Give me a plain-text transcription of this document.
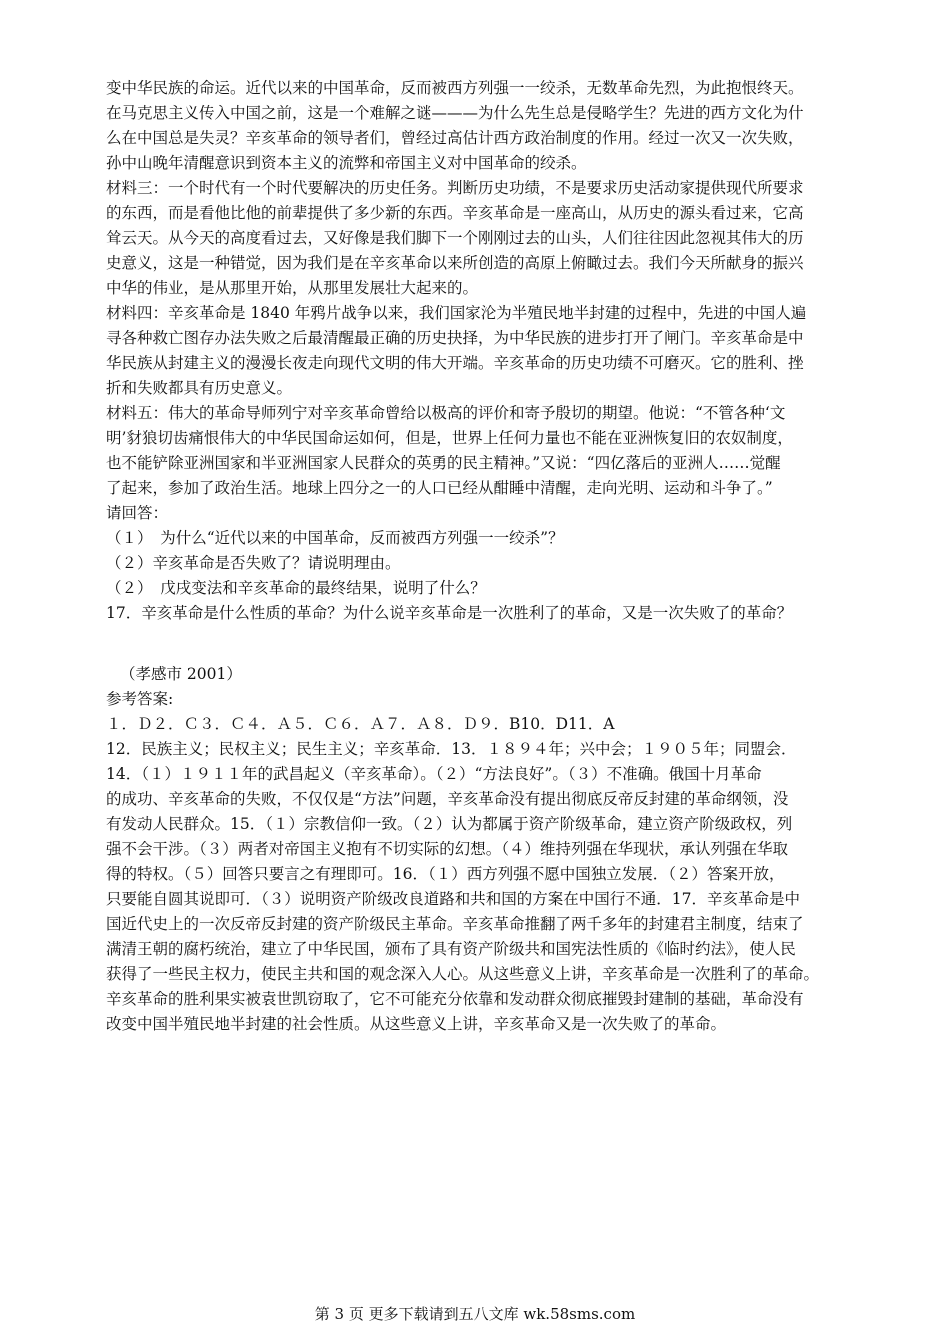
变中华民族的命运。近代以来的中国革命，反而被西方列强一一绞杀，无数革命先烈，为此抱恨终天。
在马克思主义传入中国之前，这是一个难解之谜———为什么先生总是侵略学生？先进的西方文化为什
么在中国总是失灵？辛亥革命的领导者们，曾经过高估计西方政治制度的作用。经过一次又一次失败，
孙中山晚年清醒意识到资本主义的流弊和帝国主义对中国革命的绞杀。
材料三：一个时代有一个时代要解决的历史任务。判断历史功绩，不是要求历史活动家提供现代所要求
的东西，而是看他比他的前辈提供了多少新的东西。辛亥革命是一座高山，从历史的源头看过来，它高
耸云天。从今天的高度看过去，又好像是我们脚下一个刚刚过去的山头，人们往往因此忽视其伟大的历
史意义，这是一种错觉，因为我们是在辛亥革命以来所创造的高原上俯瞰过去。我们今天所献身的振兴
中华的伟业，是从那里开始，从那里发展壮大起来的。
材料四：辛亥革命是 1840 年鸦片战争以来，我们国家沦为半殖民地半封建的过程中，先进的中国人遍
寻各种救亡图存办法失败之后最清醒最正确的历史抉择，为中华民族的进步打开了闸门。辛亥革命是中
华民族从封建主义的漫漫长夜走向现代文明的伟大开端。辛亥革命的历史功绩不可磨灭。它的胜利、挫
折和失败都具有历史意义。
材料五：伟大的革命导师列宁对辛亥革命曾给以极高的评价和寄予殷切的期望。他说：“不管各种‘文
明’豺狼切齿痛恨伟大的中华民国命运如何，但是，世界上任何力量也不能在亚洲恢复旧的农奴制度，
也不能铲除亚洲国家和半亚洲国家人民群众的英勇的民主精神。”又说：“四亿落后的亚洲人……觉醒
了起来，参加了政治生活。地球上四分之一的人口已经从酣睡中清醒，走向光明、运动和斗争了。”
请回答：
（１）　为什么“近代以来的中国革命，反而被西方列强一一绞杀”？
（２）辛亥革命是否失败了？请说明理由。
（２）　戊戌变法和辛亥革命的最终结果，说明了什么？
17．辛亥革命是什么性质的革命？为什么说辛亥革命是一次胜利了的革命，又是一次失败了的革命？
（孝感市 2001）
参考答案:
１．Ｄ２．Ｃ３．Ｃ４．Ａ５．Ｃ６．Ａ７．Ａ８．Ｄ９．B10．D11．A
12．民族主义；民权主义；民生主义；辛亥革命．13．１８９４年；兴中会；１９０５年；同盟会．
14．（１）１９１１年的武昌起义（辛亥革命）。（２）“方法良好”。（３）不准确。俄国十月革命
的成功、辛亥革命的失败，不仅仅是“方法”问题，辛亥革命没有提出彻底反帝反封建的革命纲领，没
有发动人民群众。15．（１）宗教信仰一致。（２）认为都属于资产阶级革命，建立资产阶级政权，列
强不会干涉。（３）两者对帝国主义抱有不切实际的幻想。（４）维持列强在华现状，承认列强在华取
得的特权。（５）回答只要言之有理即可。16．（１）西方列强不愿中国独立发展．（２）答案开放，
只要能自圆其说即可．（３）说明资产阶级改良道路和共和国的方案在中国行不通．17．辛亥革命是中
国近代史上的一次反帝反封建的资产阶级民主革命。辛亥革命推翻了两千多年的封建君主制度，结束了
满清王朝的腐朽统治，建立了中华民国，颁布了具有资产阶级共和国宪法性质的《临时约法》，使人民
获得了一些民主权力，使民主共和国的观念深入人心。从这些意义上讲，辛亥革命是一次胜利了的革命。
辛亥革命的胜利果实被袁世凯窃取了，它不可能充分依靠和发动群众彻底摧毁封建制的基础，革命没有
改变中国半殖民地半封建的社会性质。从这些意义上讲，辛亥革命又是一次失败了的革命。
第 3 页 更多下载请到五八文库 wk.58sms.com
